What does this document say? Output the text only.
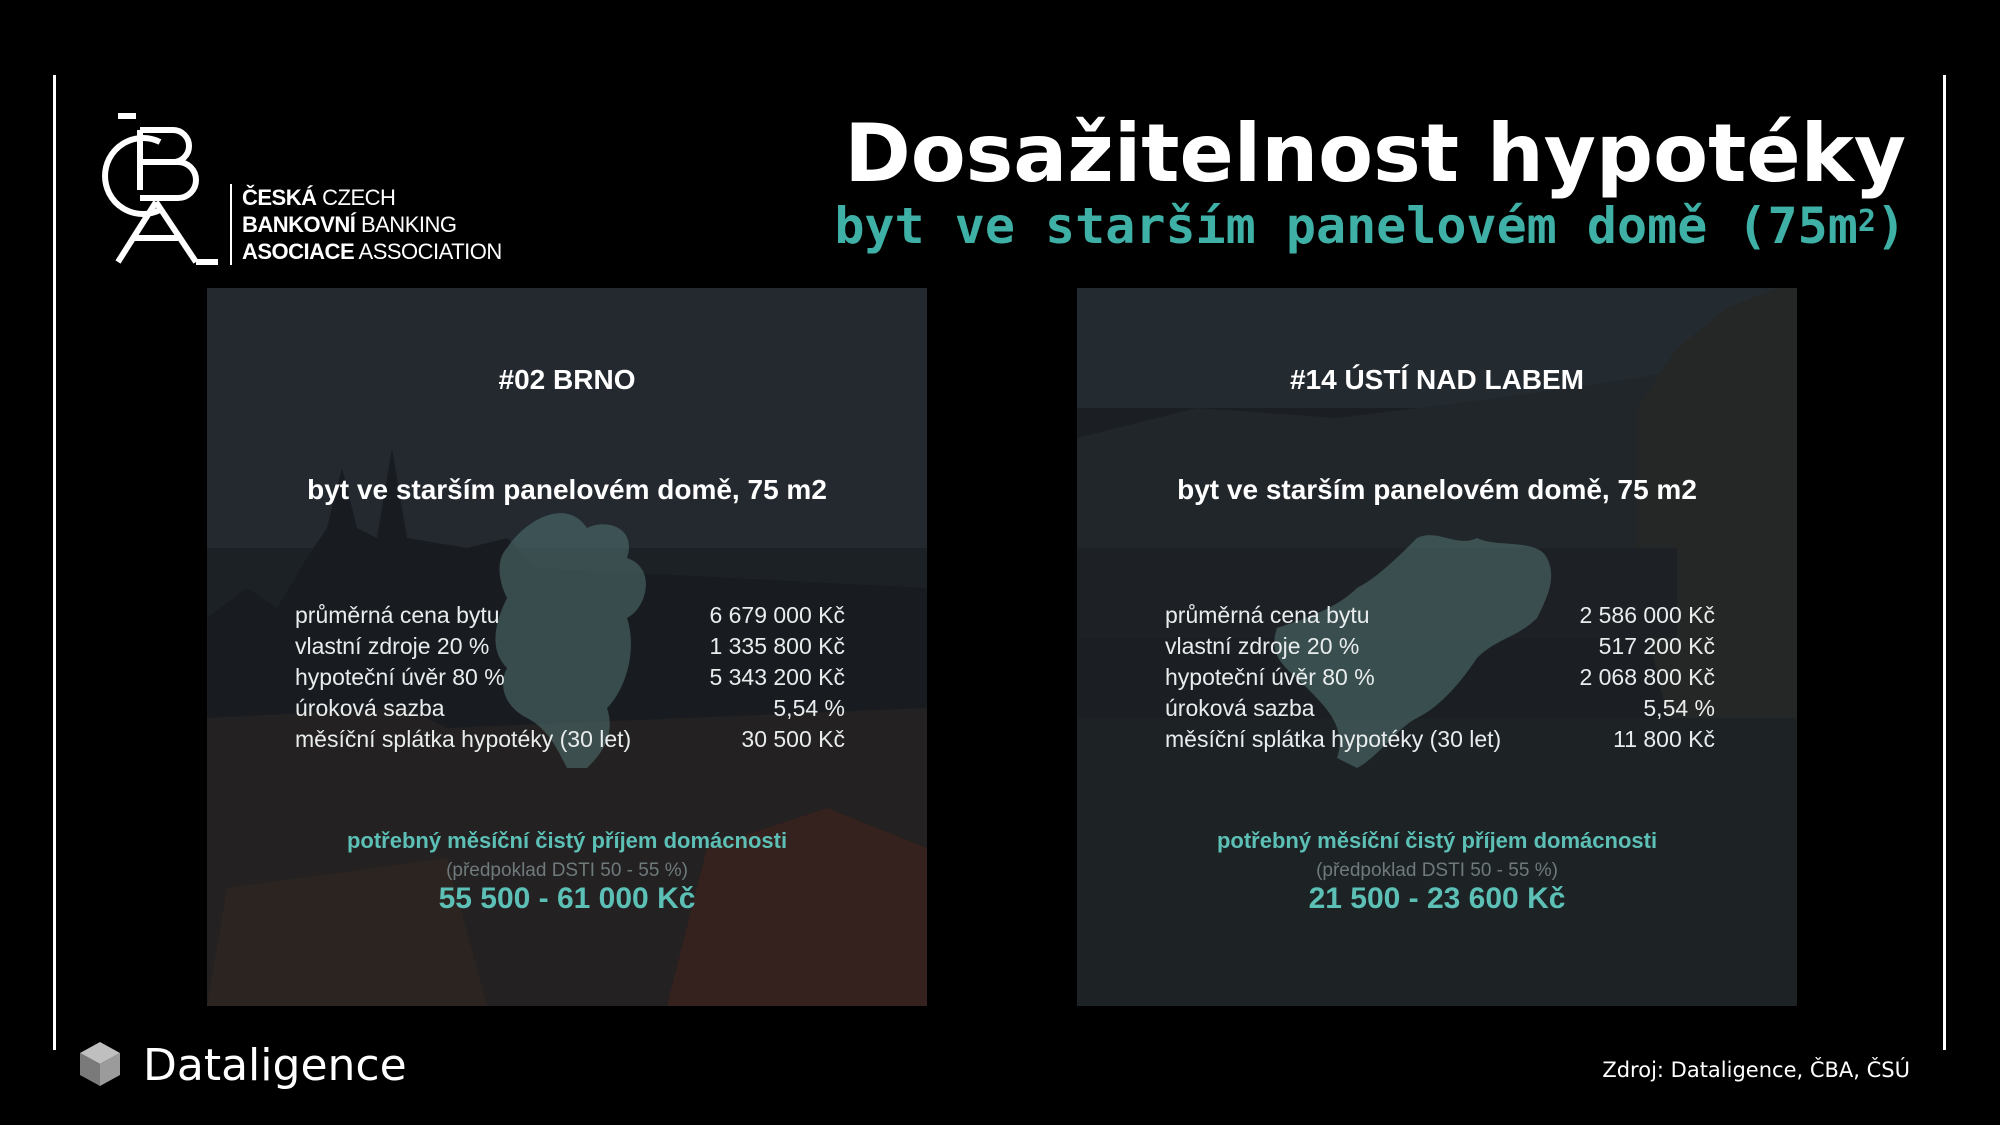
ČESKÁ CZECH
BANKOVNÍ BANKING
ASOCIACE ASSOCIATION
Dosažitelnost hypotéky
byt ve starším panelovém domě $(75m^2)$
#02 BRNO
byt ve starším panelovém domě, 75 m2
průměrná cena bytu	6 679 000 Kč
vlastní zdroje 20 %	1 335 800 Kč
hypoteční úvěr 80 %	5 343 200 Kč
úroková sazba	5,54 %
měsíční splátka hypotéky (30 let)	30 500 Kč
potřebný měsíční čistý příjem domácnosti
(předpoklad DSTI 50 - 55 %)
55 500 - 61 000 Kč
#14 ÚSTÍ NAD LABEM
byt ve starším panelovém domě, 75 m2
průměrná cena bytu	2 586 000 Kč
vlastní zdroje 20 %	517 200 Kč
hypoteční úvěr 80 %	2 068 800 Kč
úroková sazba	5,54 %
měsíční splátka hypotéky (30 let)	11 800 Kč
potřebný měsíční čistý příjem domácnosti
(předpoklad DSTI 50 - 55 %)
21 500 - 23 600 Kč
Dataligence	Zdroj: Dataligence, ČBA, ČSÚ
